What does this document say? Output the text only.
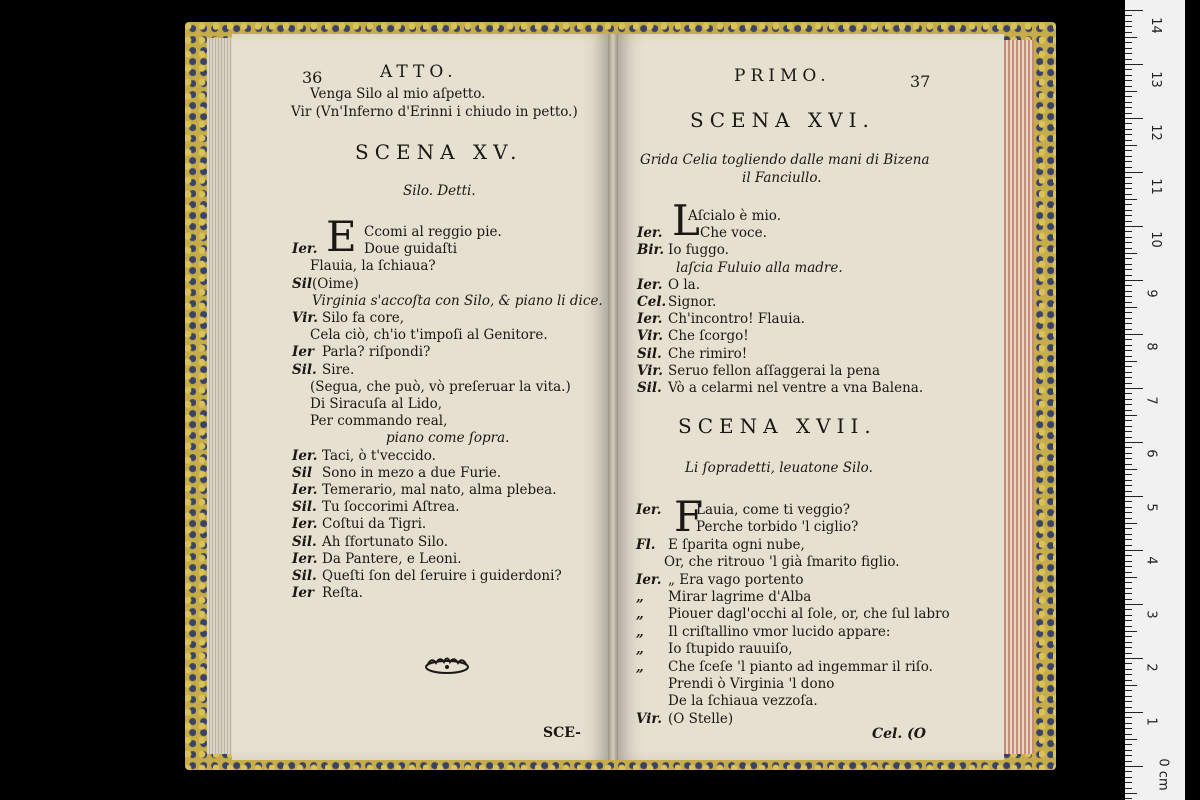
36	ATTO.
Venga Silo al mio aſpetto.
Vir (Vn'Inferno d'Erinni i chiudo in petto.)
SCENA XV.
Silo. Detti.
E Ccomi al reggio pie.
Ier.	Doue guidaſti
Flauia, la ſchiaua?
Sil (Oime)
Virginia s'accoſta con Silo, & piano li dice.
Vir. Silo fa core,
Cela ciò, ch'io t'impoſi al Genitore.
Ier Parla? riſpondi?
Sil. Sire.
(Segua, che può, vò preſeruar la vita.)
Di Siracuſa al Lido,
Per commando real,
piano come ſopra.
Ier. Taci, ò t'veccido.
Sil Sono in mezo a due Furie.
Ier. Temerario, mal nato, alma plebea.
Sil. Tu ſoccorimi Aſtrea.
Ier. Coſtui da Tigri.
Sil. Ah ſfortunato Silo.
Ier. Da Pantere, e Leoni.
Sil. Queſti ſon del ſeruire i guiderdoni?
Ier Reſta.
SCE-
PRIMO.	37
SCENA XVI.
Grida Celia togliendo dalle mani di Bizena
il Fanciullo.
L
Aſcialo è mio.
Ier.	Che voce.
Bir. Io fuggo.
laſcia Fuluio alla madre.
Ier. O la.
Cel. Signor.
Ier. Ch'incontro! Flauia.
Vir. Che ſcorgo!
Sil. Che rimiro!
Vir. Seruo fellon aſſaggerai la pena
Sil. Vò a celarmi nel ventre a vna Balena.
SCENA XVII.
Li ſopradetti, leuatone Silo.
F
Ier.	Lauia, come ti veggio?
Perche torbido 'l ciglio?
Fl. E ſparita ogni nube,
Or, che ritrouo 'l già ſmarito figlio.
Ier. „ Era vago portento
„ Mirar lagrime d'Alba
„ Piouer dagl'occhi al ſole, or, che ſul labro
„ Il criſtallino vmor lucido appare:
„ Io ſtupido rauuiſo,
„ Che ſceſe 'l pianto ad ingemmar il riſo.
Prendi ò Virginia 'l dono
De la ſchiaua vezzoſa.
Vir. (O Stelle)
Cel. (O
14
13
12
11
10
9
8
7
6
5
4
3
2
1
0 cm
